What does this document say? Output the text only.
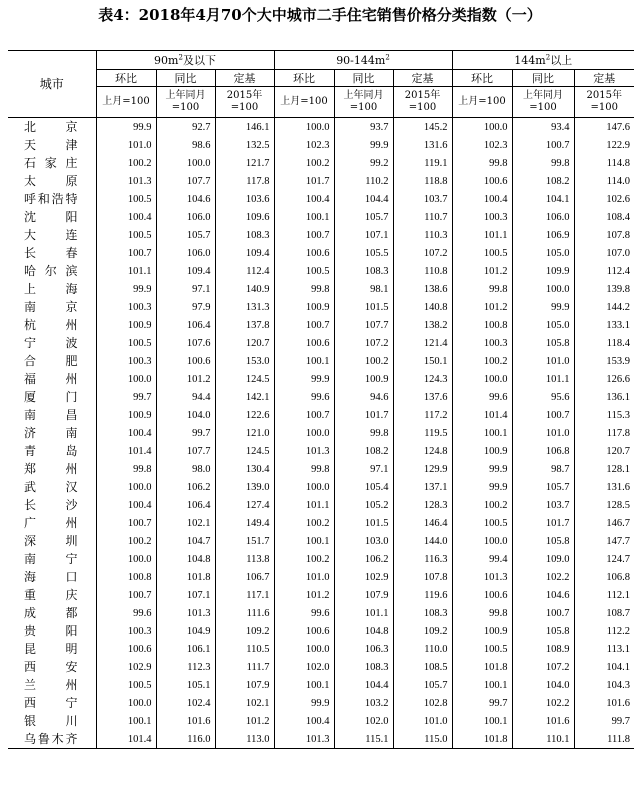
表4：2018年4月70个大中城市二手住宅销售价格分类指数（一）
城市	$90m^2$及以下			$90-144m^2$			$144m^2$以上		
	环比	同比	定基	环比	同比	定基	环比	同比	定基
	上月=100	上年同月=100	2015年=100	上月=100	上年同月=100	2015年=100	上月=100	上年同月=100	2015年=100
北京	99.9	92.7	146.1	100.0	93.7	145.2	100.0	93.4	147.6
天津	101.0	98.6	132.5	102.3	99.9	131.6	102.3	100.7	122.9
石家庄	100.2	100.0	121.7	100.2	99.2	119.1	99.8	99.8	114.8
太原	101.3	107.7	117.8	101.7	110.2	118.8	100.6	108.2	114.0
呼和浩特	100.5	104.6	103.6	100.4	104.4	103.7	100.4	104.1	102.6
沈阳	100.4	106.0	109.6	100.1	105.7	110.7	100.3	106.0	108.4
大连	100.5	105.7	108.3	100.7	107.1	110.3	101.1	106.9	107.8
长春	100.7	106.0	109.4	100.6	105.5	107.2	100.5	105.0	107.0
哈尔滨	101.1	109.4	112.4	100.5	108.3	110.8	101.2	109.9	112.4
上海	99.9	97.1	140.9	99.8	98.1	138.6	99.8	100.0	139.8
南京	100.3	97.9	131.3	100.9	101.5	140.8	101.2	99.9	144.2
杭州	100.9	106.4	137.8	100.7	107.7	138.2	100.8	105.0	133.1
宁波	100.5	107.6	120.7	100.6	107.2	121.4	100.3	105.8	118.4
合肥	100.3	100.6	153.0	100.1	100.2	150.1	100.2	101.0	153.9
福州	100.0	101.2	124.5	99.9	100.9	124.3	100.0	101.1	126.6
厦门	99.7	94.4	142.1	99.6	94.6	137.6	99.6	95.6	136.1
南昌	100.9	104.0	122.6	100.7	101.7	117.2	101.4	100.7	115.3
济南	100.4	99.7	121.0	100.0	99.8	119.5	100.1	101.0	117.8
青岛	101.4	107.7	124.5	101.3	108.2	124.8	100.9	106.8	120.7
郑州	99.8	98.0	130.4	99.8	97.1	129.9	99.9	98.7	128.1
武汉	100.0	106.2	139.0	100.0	105.4	137.1	99.9	105.7	131.6
长沙	100.4	106.4	127.4	101.1	105.2	128.3	100.2	103.7	128.5
广州	100.7	102.1	149.4	100.2	101.5	146.4	100.5	101.7	146.7
深圳	100.2	104.7	151.7	100.1	103.0	144.0	100.0	105.8	147.7
南宁	100.0	104.8	113.8	100.2	106.2	116.3	99.4	109.0	124.7
海口	100.8	101.8	106.7	101.0	102.9	107.8	101.3	102.2	106.8
重庆	100.7	107.1	117.1	101.2	107.9	119.6	100.6	104.6	112.1
成都	99.6	101.3	111.6	99.6	101.1	108.3	99.8	100.7	108.7
贵阳	100.3	104.9	109.2	100.6	104.8	109.2	100.9	105.8	112.2
昆明	100.6	106.1	110.5	100.0	106.3	110.0	100.5	108.9	113.1
西安	102.9	112.3	111.7	102.0	108.3	108.5	101.8	107.2	104.1
兰州	100.5	105.1	107.9	100.1	104.4	105.7	100.1	104.0	104.3
西宁	100.0	102.4	102.1	99.9	103.2	102.8	99.7	102.2	101.6
银川	100.1	101.6	101.2	100.4	102.0	101.0	100.1	101.6	99.7
乌鲁木齐	101.4	116.0	113.0	101.3	115.1	115.0	101.8	110.1	111.8
